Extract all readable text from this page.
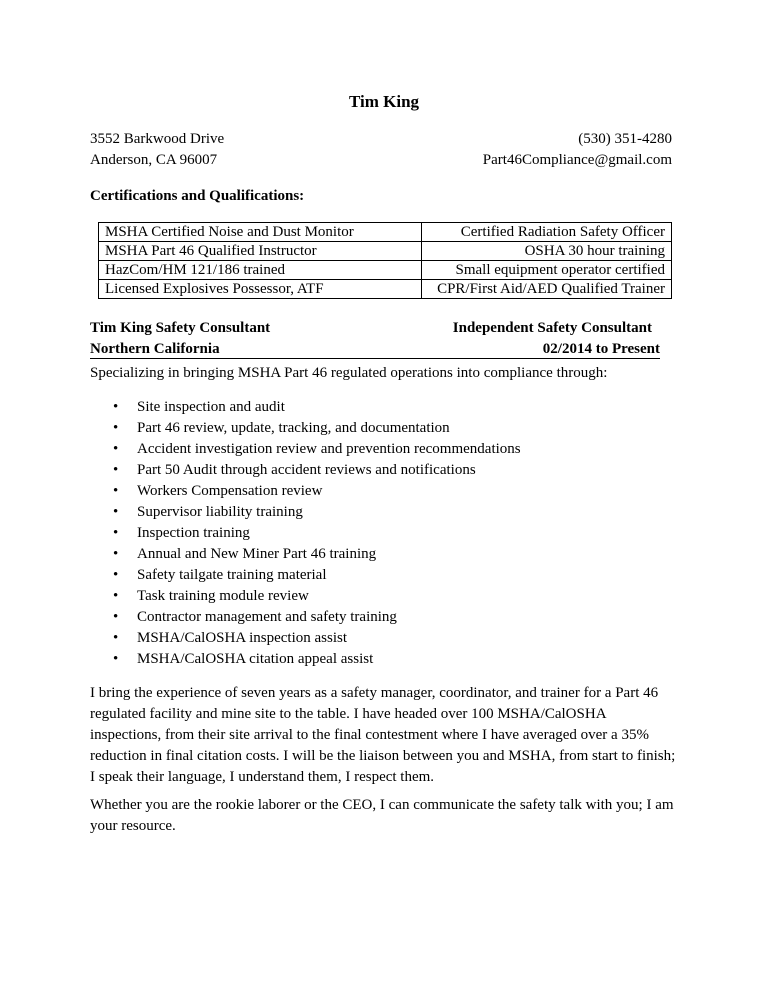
Tim King
3552 Barkwood Drive
Anderson, CA 96007
(530) 351-4280
Part46Compliance@gmail.com
Certifications and Qualifications:
MSHA Certified Noise and Dust Monitor	Certified Radiation Safety Officer
MSHA Part 46 Qualified Instructor	OSHA 30 hour training
HazCom/HM 121/186 trained	Small equipment operator certified
Licensed Explosives Possessor, ATF	CPR/First Aid/AED Qualified Trainer
Tim King Safety Consultant	Independent Safety Consultant
Northern California	02/2014 to Present
Specializing in bringing MSHA Part 46 regulated operations into compliance through:
• Site inspection and audit
• Part 46 review, update, tracking, and documentation
• Accident investigation review and prevention recommendations
• Part 50 Audit through accident reviews and notifications
• Workers Compensation review
• Supervisor liability training
• Inspection training
• Annual and New Miner Part 46 training
• Safety tailgate training material
• Task training module review
• Contractor management and safety training
• MSHA/CalOSHA inspection assist
• MSHA/CalOSHA citation appeal assist
I bring the experience of seven years as a safety manager, coordinator, and trainer for a Part 46 regulated facility and mine site to the table. I have headed over 100 MSHA/CalOSHA inspections, from their site arrival to the final contestment where I have averaged over a 35% reduction in final citation costs. I will be the liaison between you and MSHA, from start to finish; I speak their language, I understand them, I respect them.
Whether you are the rookie laborer or the CEO, I can communicate the safety talk with you; I am your resource.
